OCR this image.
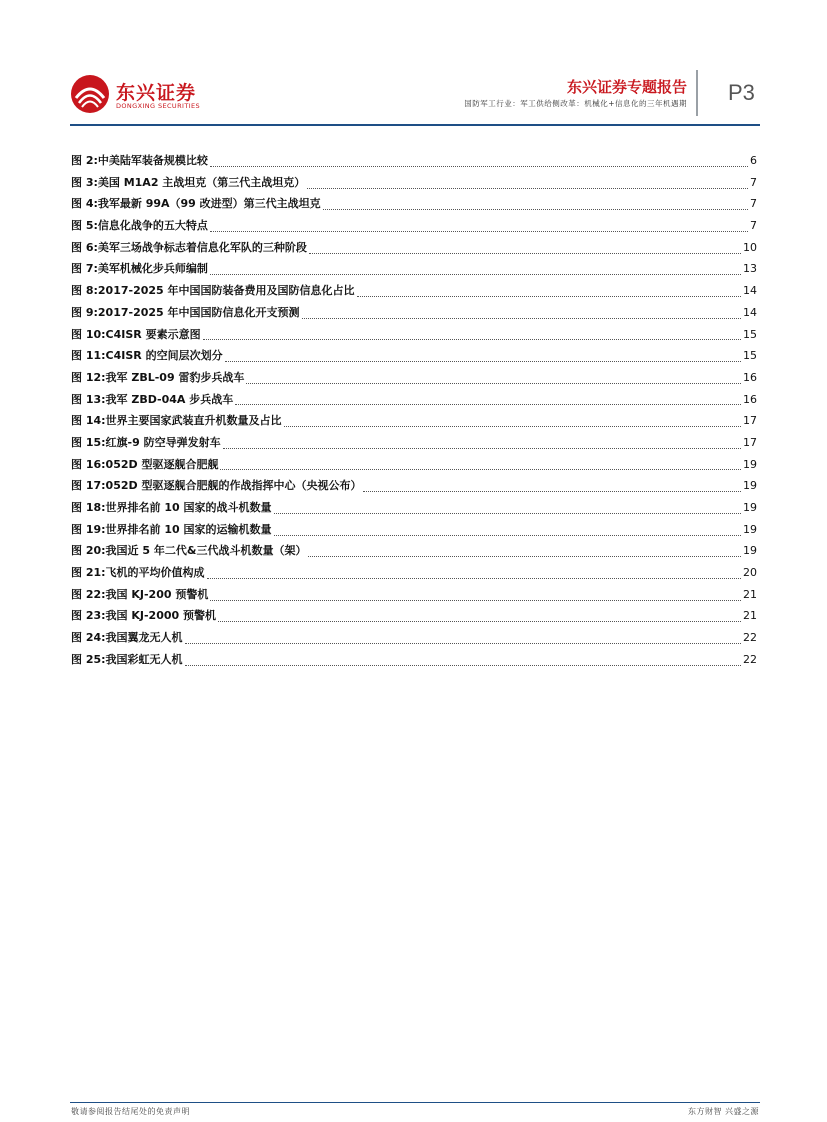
东兴证券
DONGXING SECURITIES
东兴证券专题报告
国防军工行业：军工供给侧改革：机械化+信息化的三年机遇期 P3
图 2:中美陆军装备规模比较	6
图 3:美国 M1A2 主战坦克（第三代主战坦克）	7
图 4:我军最新 99A（99 改进型）第三代主战坦克	7
图 5:信息化战争的五大特点	7
图 6:美军三场战争标志着信息化军队的三种阶段	10
图 7:美军机械化步兵师编制	13
图 8:2017-2025 年中国国防装备费用及国防信息化占比	14
图 9:2017-2025 年中国国防信息化开支预测	14
图 10:C4ISR 要素示意图	15
图 11:C4ISR 的空间层次划分	15
图 12:我军 ZBL-09 雷豹步兵战车	16
图 13:我军 ZBD-04A 步兵战车	16
图 14:世界主要国家武装直升机数量及占比	17
图 15:红旗-9 防空导弹发射车	17
图 16:052D 型驱逐舰合肥舰	19
图 17:052D 型驱逐舰合肥舰的作战指挥中心（央视公布）	19
图 18:世界排名前 10 国家的战斗机数量	19
图 19:世界排名前 10 国家的运输机数量	19
图 20:我国近 5 年二代&三代战斗机数量（架）	19
图 21:飞机的平均价值构成	20
图 22:我国 KJ-200 预警机	21
图 23:我国 KJ-2000 预警机	21
图 24:我国翼龙无人机	22
图 25:我国彩虹无人机	22
敬请参阅报告结尾处的免责声明	东方财智 兴盛之源
